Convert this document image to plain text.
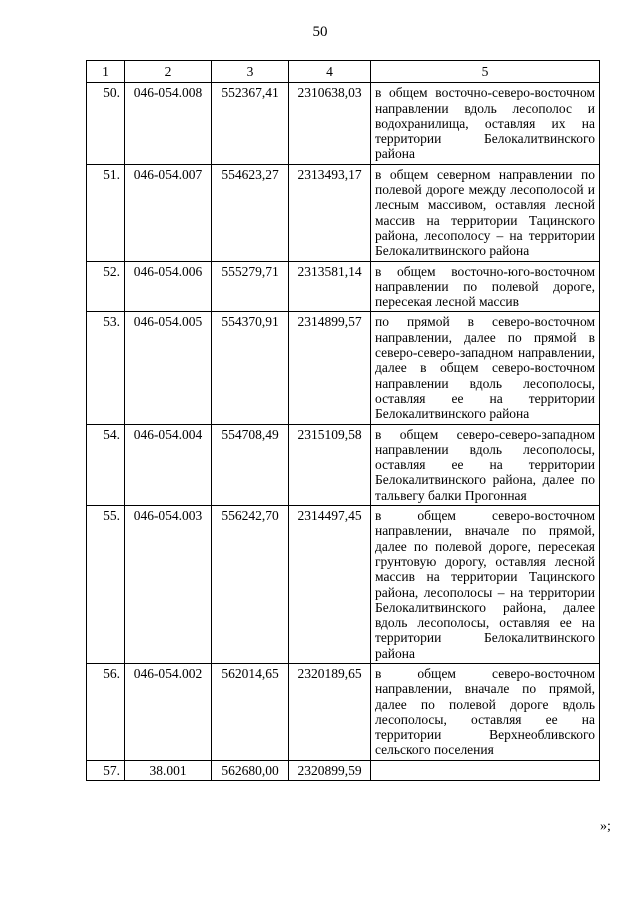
50
1	2	3	4	5
50.	046-054.008	552367,41	2310638,03	в общем восточно-северо-восточном направлении вдоль лесополос и водохранилища, оставляя их на территории Белокалитвинского района
51.	046-054.007	554623,27	2313493,17	в общем северном направлении по полевой дороге между лесополосой и лесным массивом, оставляя лесной массив на территории Тацинского района, лесополосу – на территории Белокалитвинского района
52.	046-054.006	555279,71	2313581,14	в общем восточно-юго-восточном направлении по полевой дороге, пересекая лесной массив
53.	046-054.005	554370,91	2314899,57	по прямой в северо-восточном направлении, далее по прямой в северо-северо-западном направлении, далее в общем северо-восточном направлении вдоль лесополосы, оставляя ее на территории Белокалитвинского района
54.	046-054.004	554708,49	2315109,58	в общем северо-северо-западном направлении вдоль лесополосы, оставляя ее на территории Белокалитвинского района, далее по тальвегу балки Прогонная
55.	046-054.003	556242,70	2314497,45	в общем северо-восточном направлении, вначале по прямой, далее по полевой дороге, пересекая грунтовую дорогу, оставляя лесной массив на территории Тацинского района, лесополосы – на территории Белокалитвинского района, далее вдоль лесополосы, оставляя ее на территории Белокалитвинского района
56.	046-054.002	562014,65	2320189,65	в общем северо-восточном направлении, вначале по прямой, далее по полевой дороге вдоль лесополосы, оставляя ее на территории Верхнеобливского сельского поселения
57.	38.001	562680,00	2320899,59	
»;
